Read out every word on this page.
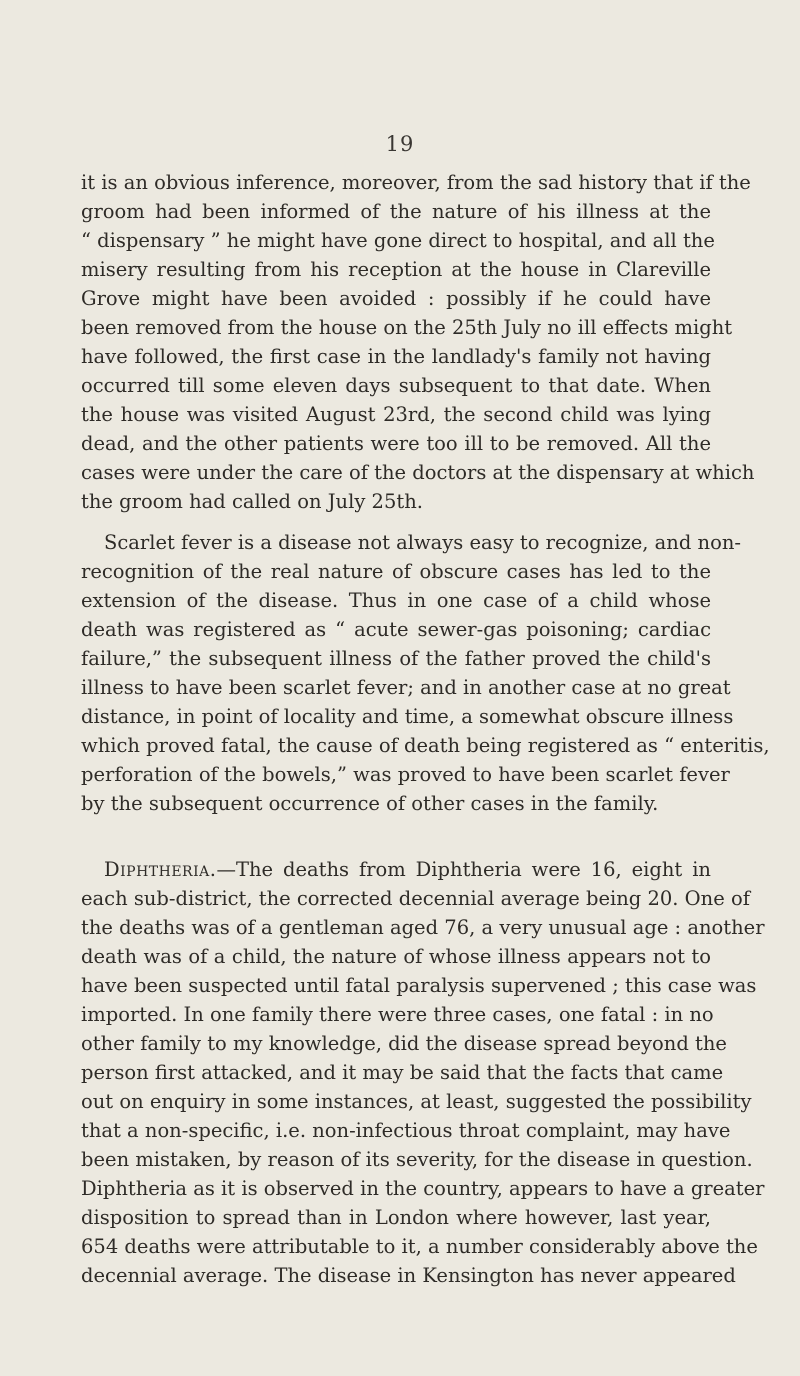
19
it is an obvious inference, moreover, from the sad history that if the
groom had been informed of the nature of his illness at the
“ dispensary ” he might have gone direct to hospital, and all the
misery resulting from his reception at the house in Clareville
Grove might have been avoided : possibly if he could have
been removed from the house on the 25th July no ill effects might
have followed, the first case in the landlady's family not having
occurred till some eleven days subsequent to that date. When
the house was visited August 23rd, the second child was lying
dead, and the other patients were too ill to be removed. All the
cases were under the care of the doctors at the dispensary at which
the groom had called on July 25th.
Scarlet fever is a disease not always easy to recognize, and non-
recognition of the real nature of obscure cases has led to the
extension of the disease. Thus in one case of a child whose
death was registered as “ acute sewer-gas poisoning; cardiac
failure,” the subsequent illness of the father proved the child's
illness to have been scarlet fever; and in another case at no great
distance, in point of locality and time, a somewhat obscure illness
which proved fatal, the cause of death being registered as “ enteritis,
perforation of the bowels,” was proved to have been scarlet fever
by the subsequent occurrence of other cases in the family.
Diphtheria.—The deaths from Diphtheria were 16, eight in
each sub-district, the corrected decennial average being 20. One of
the deaths was of a gentleman aged 76, a very unusual age : another
death was of a child, the nature of whose illness appears not to
have been suspected until fatal paralysis supervened ; this case was
imported. In one family there were three cases, one fatal : in no
other family to my knowledge, did the disease spread beyond the
person first attacked, and it may be said that the facts that came
out on enquiry in some instances, at least, suggested the possibility
that a non-specific, i.e. non-infectious throat complaint, may have
been mistaken, by reason of its severity, for the disease in question.
Diphtheria as it is observed in the country, appears to have a greater
disposition to spread than in London where however, last year,
654 deaths were attributable to it, a number considerably above the
decennial average. The disease in Kensington has never appeared
